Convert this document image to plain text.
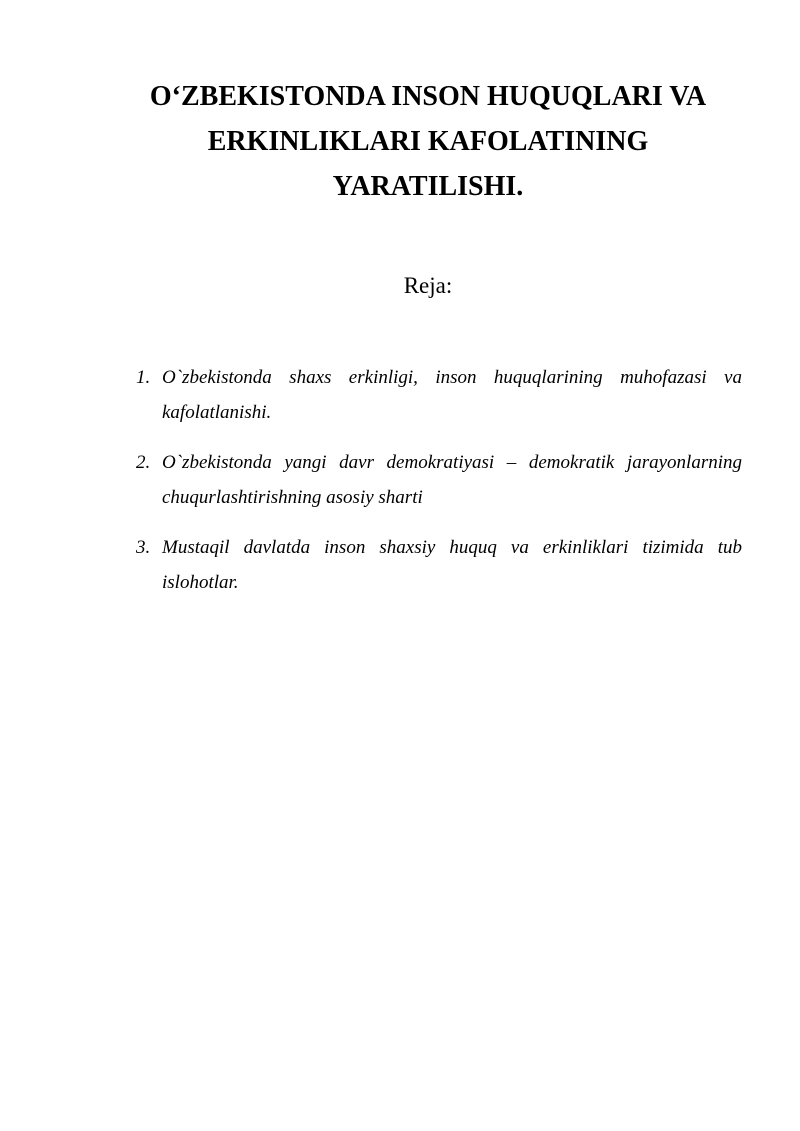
O‘ZBEKISTONDA INSON HUQUQLARI VA
ERKINLIKLARI KAFOLATINING
YARATILISHI.

Reja:

1. O`zbekistonda shaxs erkinligi, inson huquqlarining muhofazasi va kafolatlanishi.
2. O`zbekistonda yangi davr demokratiyasi – demokratik jarayonlarning chuqurlashtirishning asosiy sharti
3. Mustaqil davlatda inson shaxsiy huquq va erkinliklari tizimida tub islohotlar.
